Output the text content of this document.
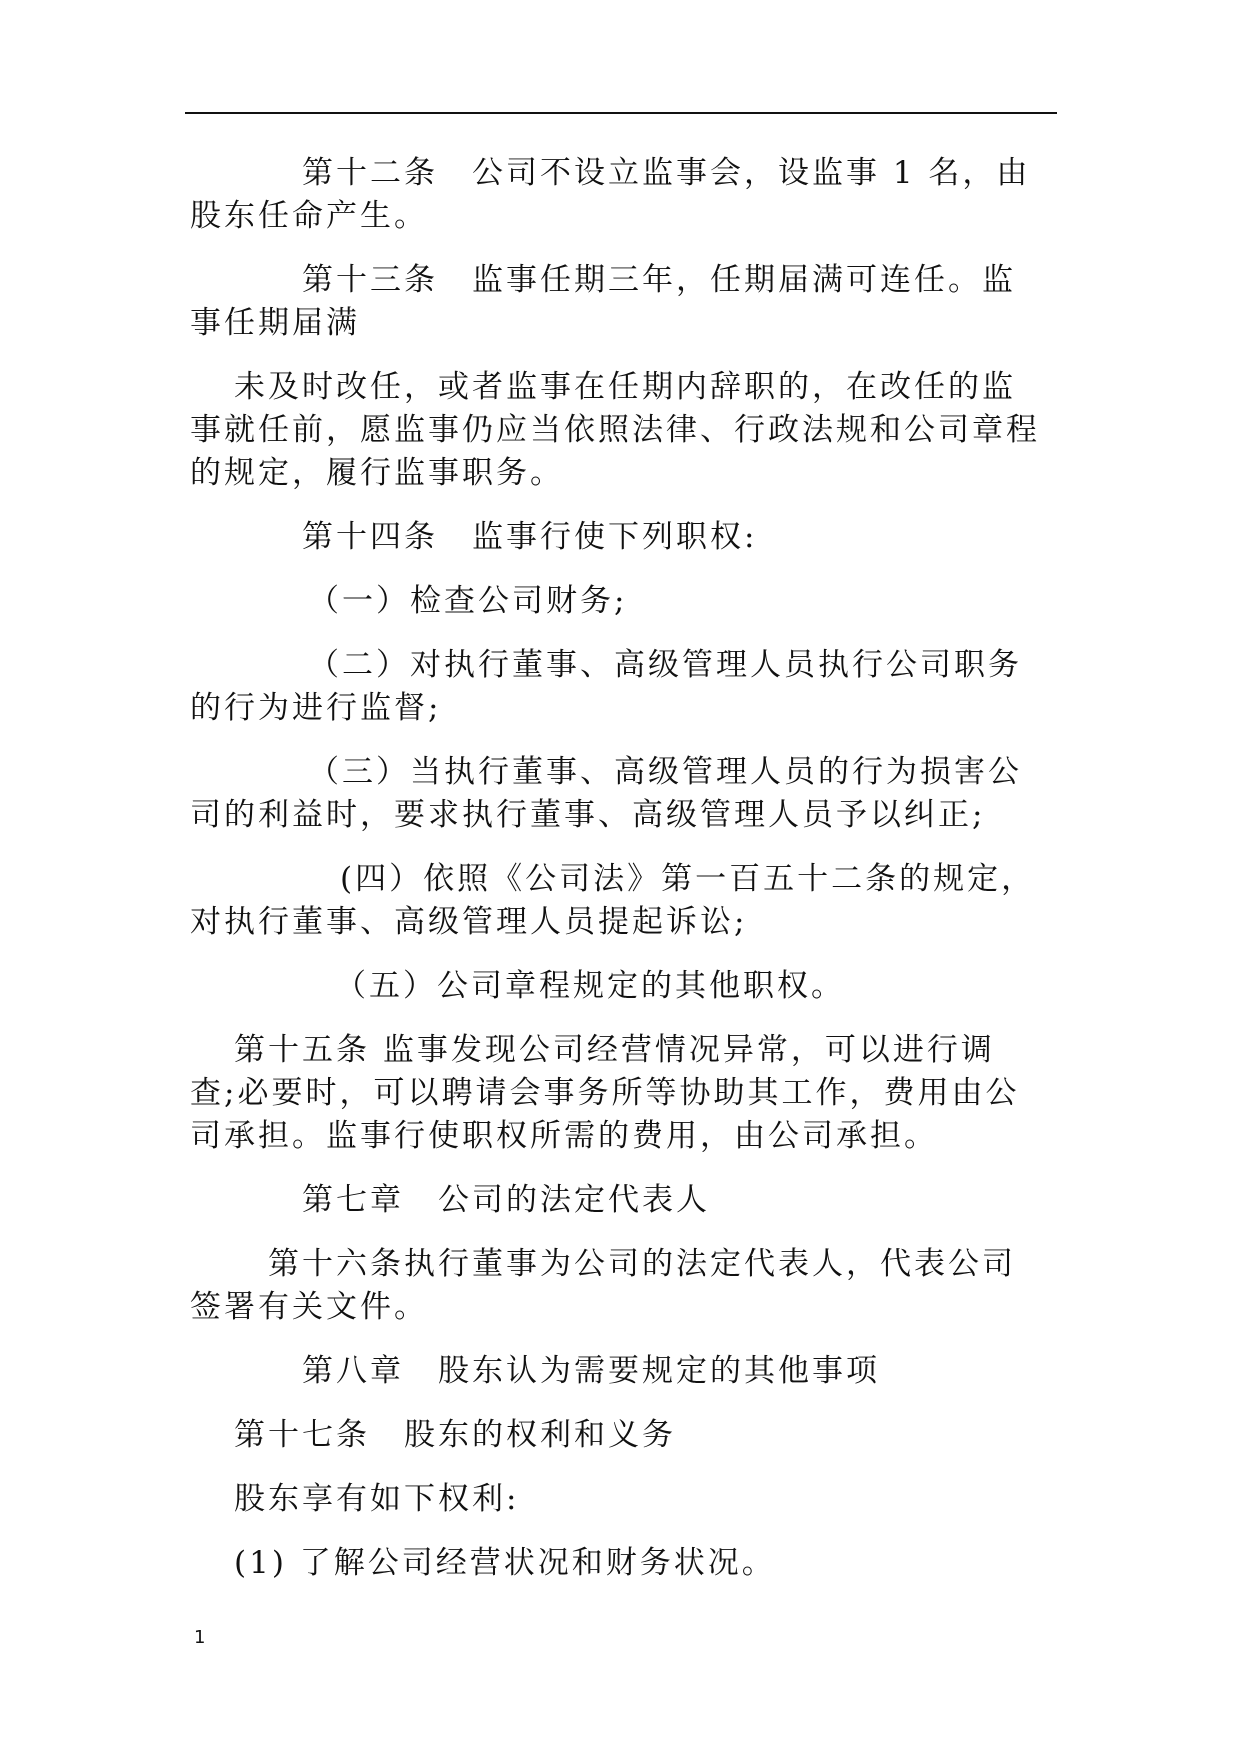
第十二条　公司不设立监事会，设监事 1 名，由股东任命产生。

第十三条　监事任期三年，任期届满可连任。监事任期届满

未及时改任，或者监事在任期内辞职的，在改任的监事就任前，愿监事仍应当依照法律、行政法规和公司章程的规定，履行监事职务。

第十四条　监事行使下列职权:

（一）检查公司财务;

（二）对执行董事、高级管理人员执行公司职务的行为进行监督;

（三）当执行董事、高级管理人员的行为损害公司的利益时，要求执行董事、高级管理人员予以纠正;

(四）依照《公司法》第一百五十二条的规定，对执行董事、高级管理人员提起诉讼;

（五）公司章程规定的其他职权。

第十五条 监事发现公司经营情况异常，可以进行调查;必要时，可以聘请会事务所等协助其工作，费用由公司承担。监事行使职权所需的费用，由公司承担。

第七章　公司的法定代表人

第十六条执行董事为公司的法定代表人，代表公司签署有关文件。

第八章　股东认为需要规定的其他事项

第十七条　股东的权利和义务

股东享有如下权利:

(1) 了解公司经营状况和财务状况。

1
